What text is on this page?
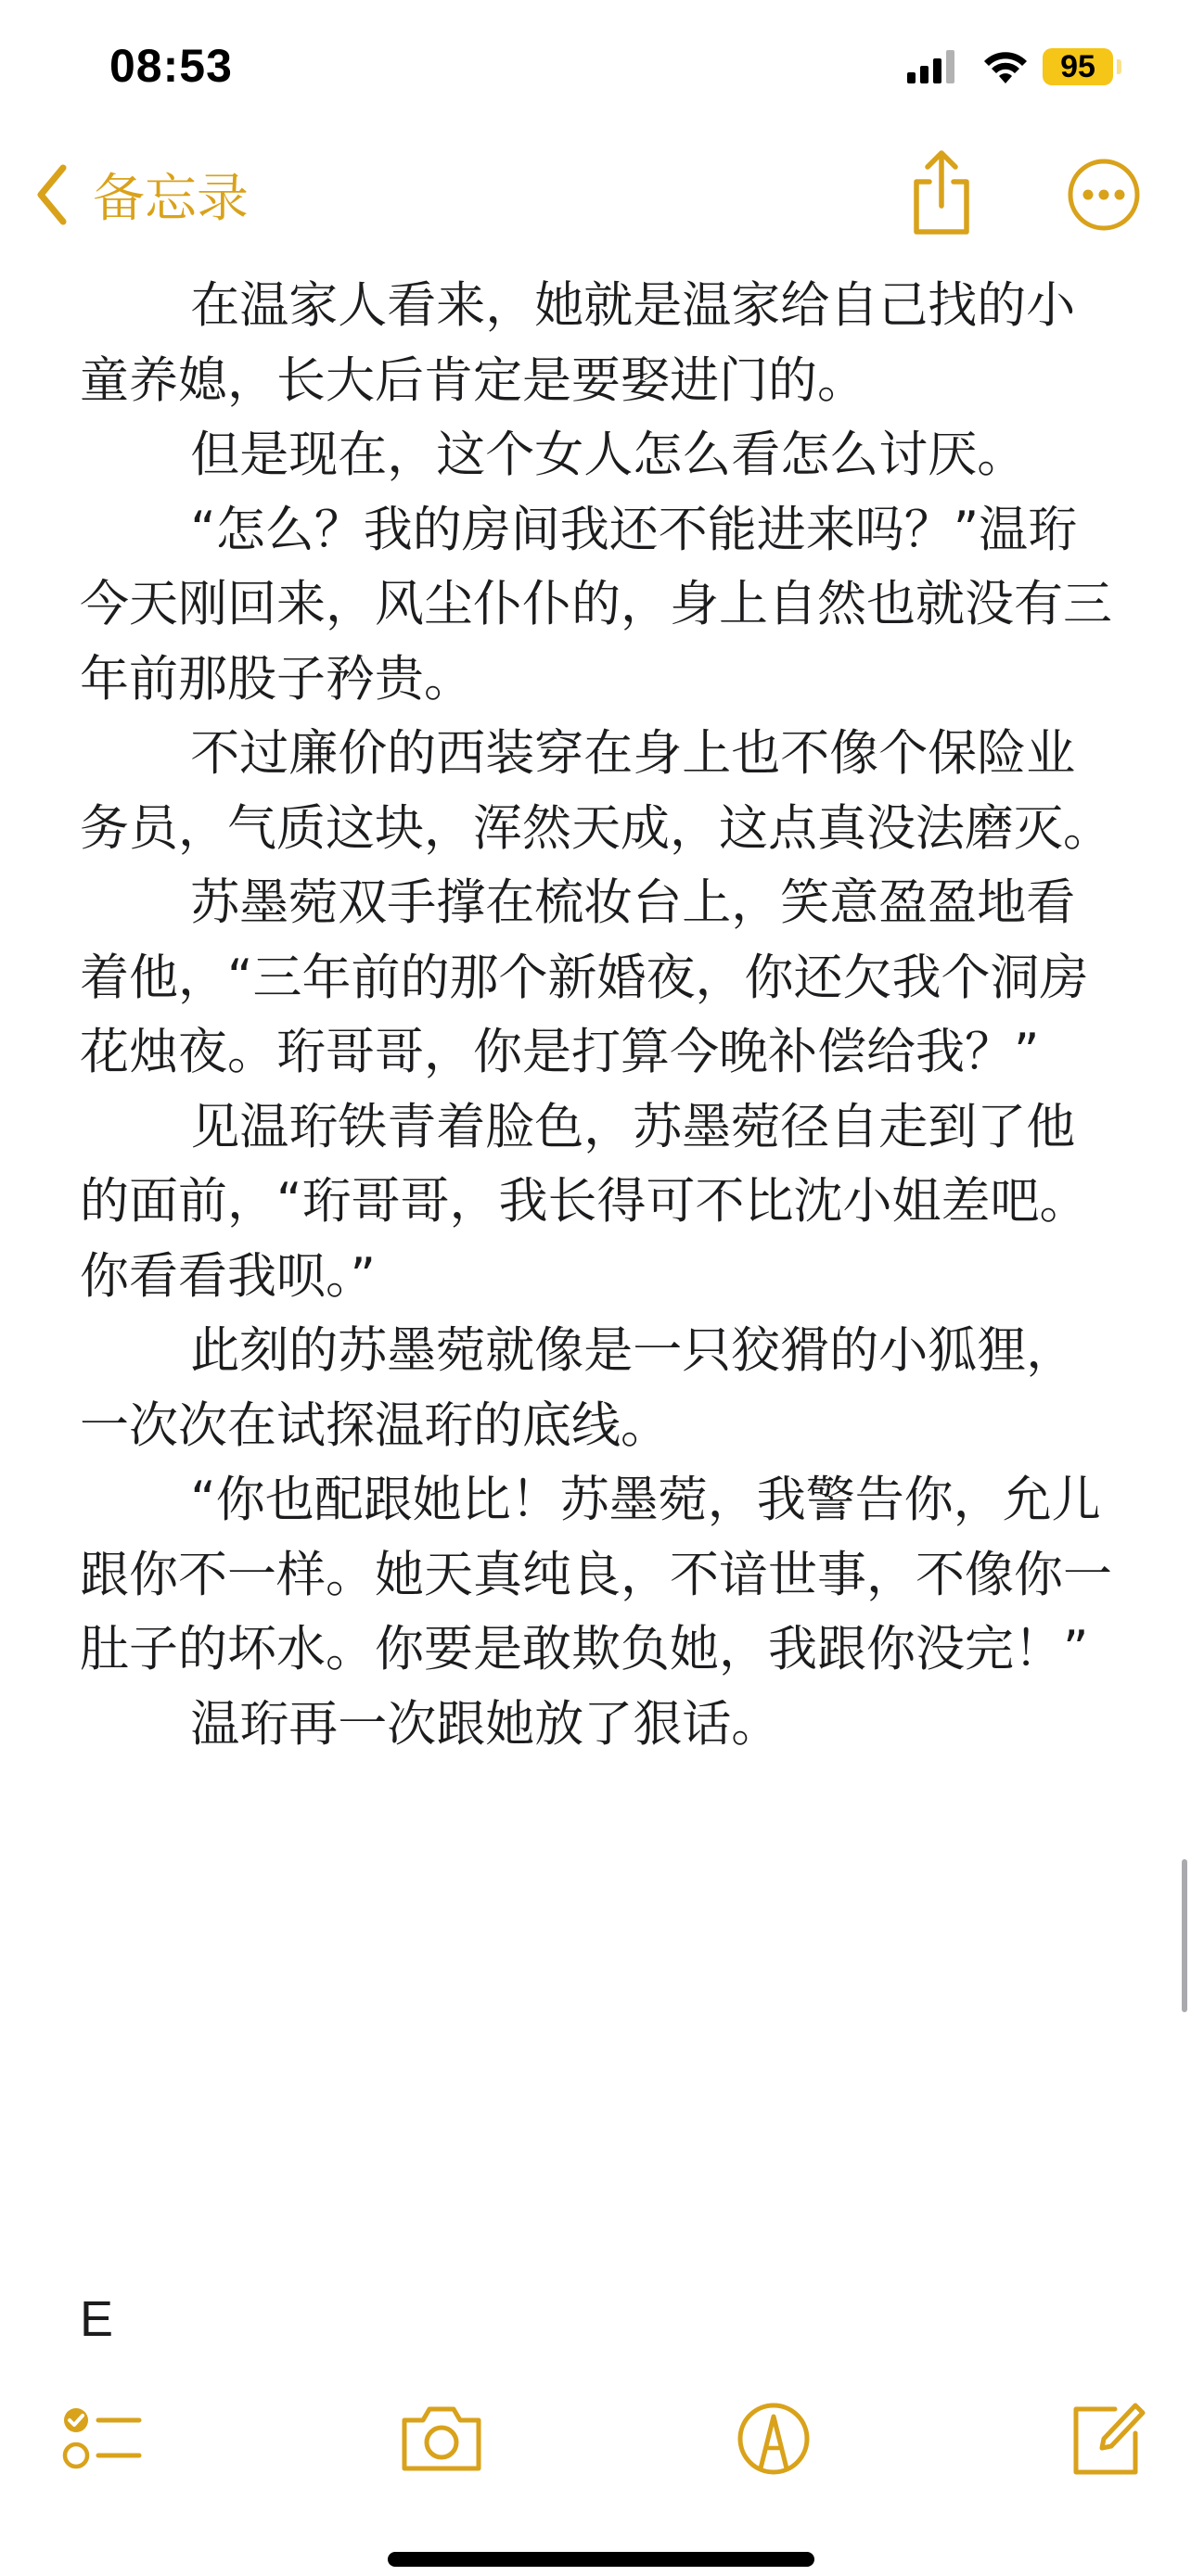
08:53	95
备忘录

在温家人看来，她就是温家给自己找的小童养媳，长大后肯定是要娶进门的。

但是现在，这个女人怎么看怎么讨厌。

“怎么？我的房间我还不能进来吗？”温珩今天刚回来，风尘仆仆的，身上自然也就没有三年前那股子矜贵。

不过廉价的西装穿在身上也不像个保险业务员，气质这块，浑然天成，这点真没法磨灭。

苏墨菀双手撑在梳妆台上，笑意盈盈地看着他，“三年前的那个新婚夜，你还欠我个洞房花烛夜。珩哥哥，你是打算今晚补偿给我？”

见温珩铁青着脸色，苏墨菀径自走到了他的面前，“珩哥哥，我长得可不比沈小姐差吧。你看看我呗。”

此刻的苏墨菀就像是一只狡猾的小狐狸，一次次在试探温珩的底线。

“你也配跟她比！苏墨菀，我警告你，允儿跟你不一样。她天真纯良，不谙世事，不像你一肚子的坏水。你要是敢欺负她，我跟你没完！”

温珩再一次跟她放了狠话。

E
